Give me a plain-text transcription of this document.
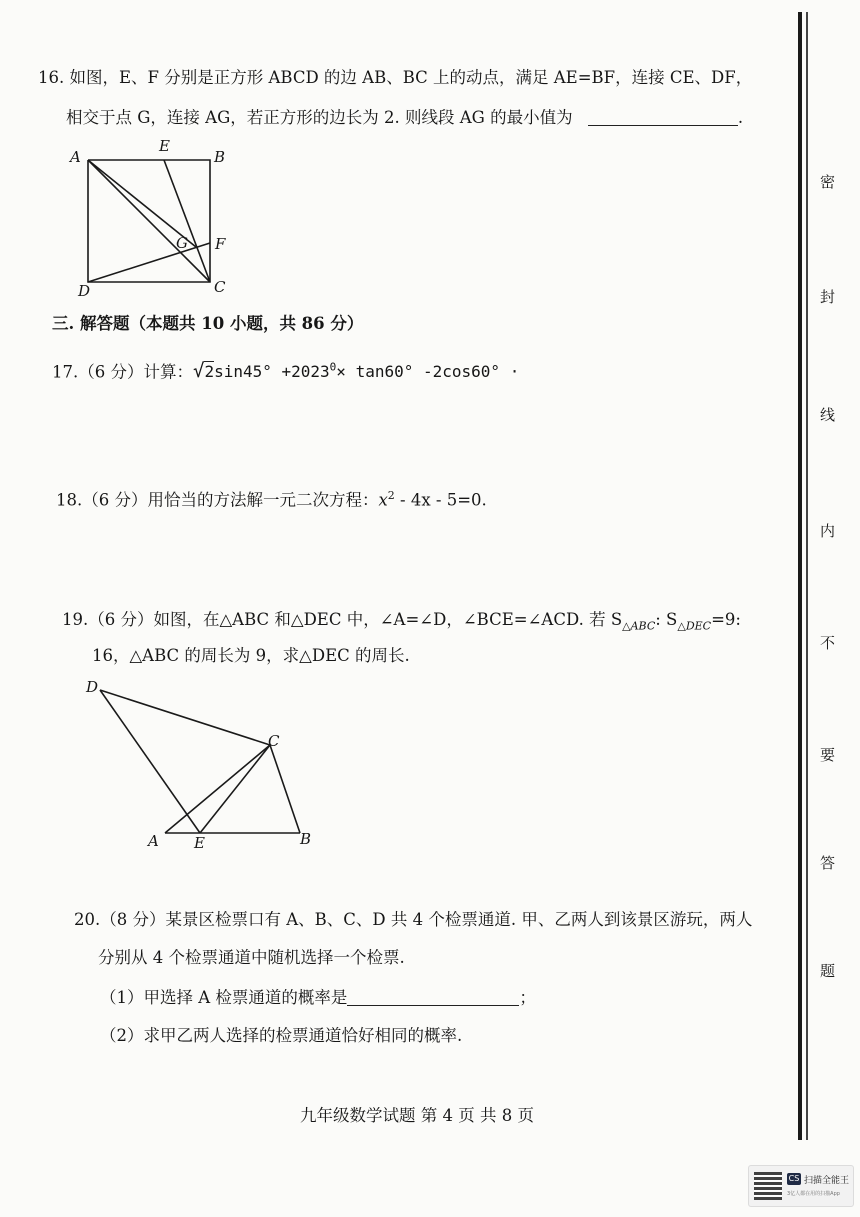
16. 如图，E、F 分别是正方形 ABCD 的边 AB、BC 上的动点，满足 AE=BF，连接 CE、DF，
相交于点 G，连接 AG，若正方形的边长为 2. 则线段 AG 的最小值为	.
A
E
B
G F
D	C
三. 解答题（本题共 10 小题，共 86 分）
17.（6 分）计算：$√2\sin 45^\circ +2023^0\times \tan 60^\circ$ -2cos60° ·
18.（6 分）用恰当的方法解一元二次方程：$x^2 - 4x - 5=0$.
19.（6 分）如图，在△ABC 和△DEC 中，∠A=∠D，∠BCE=∠ACD. 若 $S_{\triangle ABC}$: $S_{\triangle DEC}=9$:
16，△ABC 的周长为 9，求△DEC 的周长.
D
C
A E	B
20.（8 分）某景区检票口有 A、B、C、D 共 4 个检票通道. 甲、乙两人到该景区游玩，两人
分别从 4 个检票通道中随机选择一个检票.
（1）甲选择 A 检票通道的概率是	；
（2）求甲乙两人选择的检票通道恰好相同的概率.
九年级数学试题 第 4 页 共 8 页
密
封
线
内
不
要
答
题
CS 扫描全能王
3亿人都在用的扫描App
